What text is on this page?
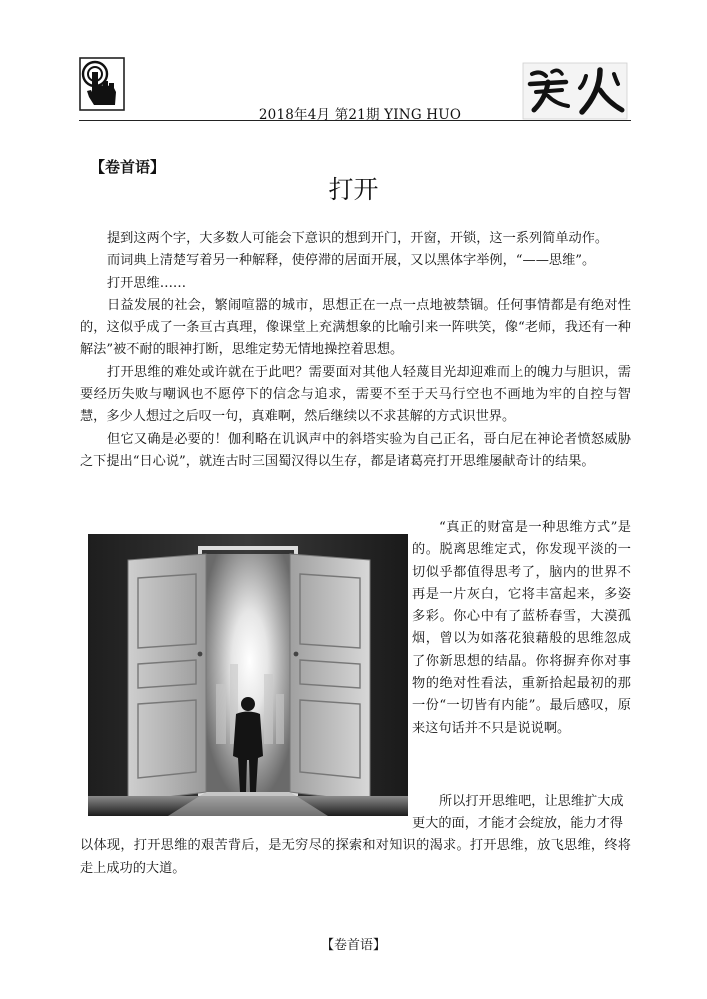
2018年4月 第21期 YING HUO
【卷首语】
打开

提到这两个字，大多数人可能会下意识的想到开门，开窗，开锁，这一系列简单动作。

而词典上清楚写着另一种解释，使停滞的居面开展，又以黑体字举例，“——思维”。

打开思维……

日益发展的社会，繁闹喧嚣的城市，思想正在一点一点地被禁锢。任何事情都是有绝对性的，这似乎成了一条亘古真理，像课堂上充满想象的比喻引来一阵哄笑，像“老师，我还有一种解法”被不耐的眼神打断，思维定势无情地操控着思想。

打开思维的难处或许就在于此吧？需要面对其他人轻蔑目光却迎难而上的魄力与胆识，需要经历失败与嘲讽也不愿停下的信念与追求，需要不至于天马行空也不画地为牢的自控与智慧，多少人想过之后叹一句，真难啊，然后继续以不求甚解的方式识世界。

但它又确是必要的！伽利略在讥讽声中的斜塔实验为自己正名，哥白尼在神论者愤怒威胁之下提出“日心说”，就连古时三国蜀汉得以生存，都是诸葛亮打开思维屡献奇计的结果。

“真正的财富是一种思维方式”是的。脱离思维定式，你发现平淡的一切似乎都值得思考了，脑内的世界不再是一片灰白，它将丰富起来，多姿多彩。你心中有了蓝桥春雪，大漠孤烟，曾以为如落花狼藉般的思维忽成了你新思想的结晶。你将摒弃你对事物的绝对性看法，重新拾起最初的那一份“一切皆有内能”。最后感叹，原来这句话并不只是说说啊。

所以打开思维吧，让思维扩大成

更大的面，才能才会绽放，能力才得

以体现，打开思维的艰苦背后，是无穷尽的探索和对知识的渴求。打开思维，放飞思维，终将走上成功的大道。

【卷首语】
